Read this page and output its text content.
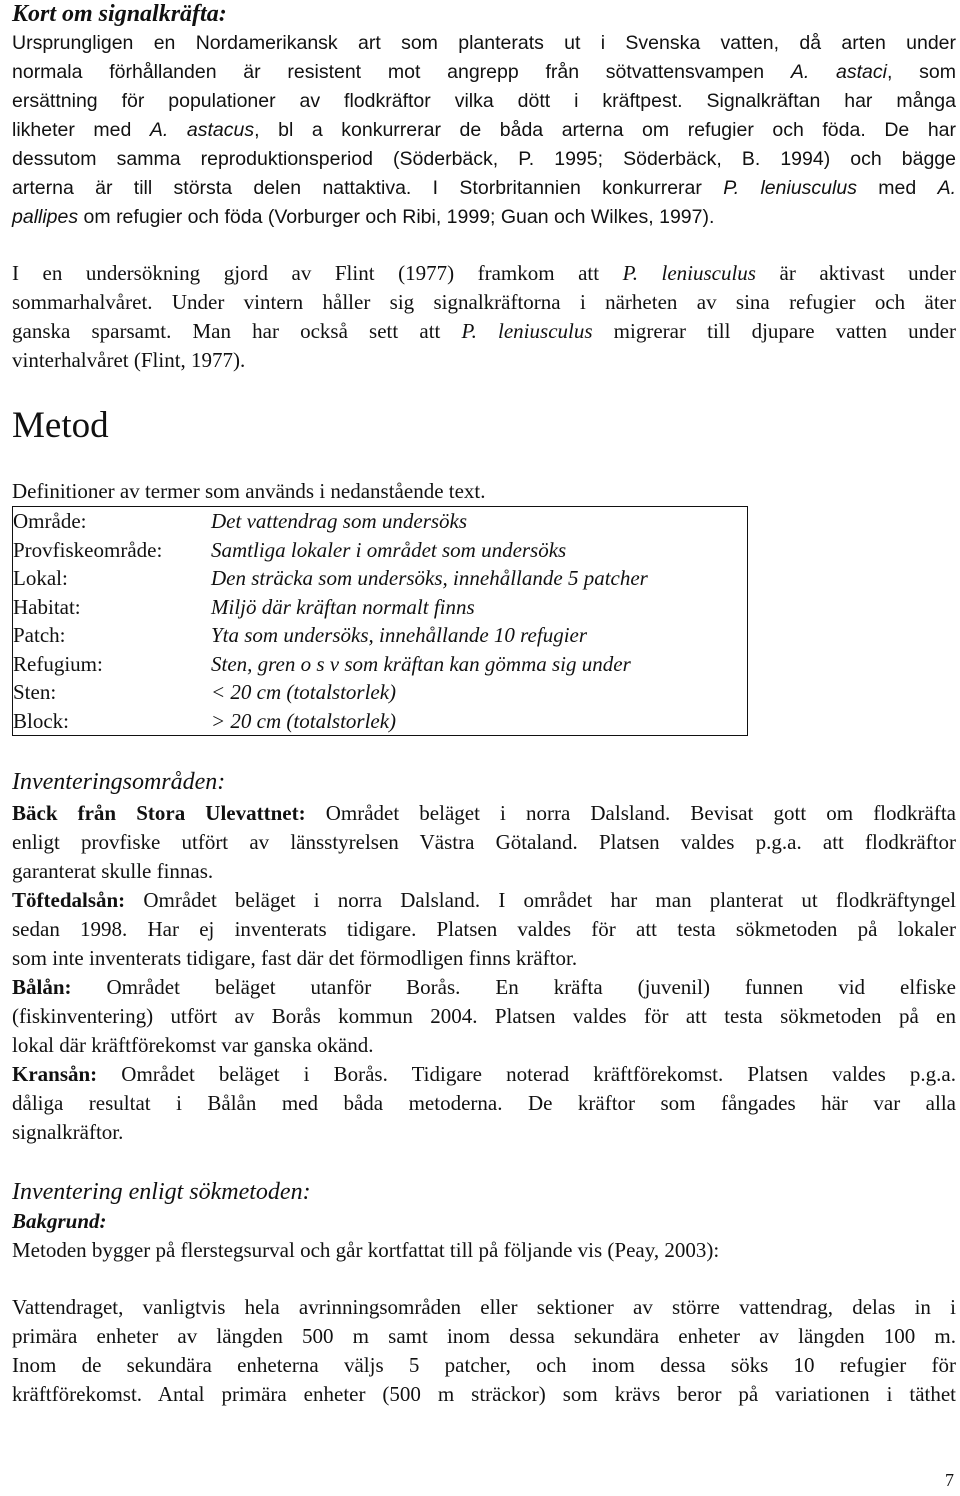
Kort om signalkräfta:
Ursprungligen en Nordamerikansk art som planterats ut i Svenska vatten, då arten under
normala förhållanden är resistent mot angrepp från sötvattensvampen A. astaci, som
ersättning för populationer av flodkräftor vilka dött i kräftpest. Signalkräftan har många
likheter med A. astacus, bl a konkurrerar de båda arterna om refugier och föda. De har
dessutom samma reproduktionsperiod (Söderbäck, P. 1995; Söderbäck, B. 1994) och bägge
arterna är till största delen nattaktiva. I Storbritannien konkurrerar P. leniusculus med A.
pallipes om refugier och föda (Vorburger och Ribi, 1999; Guan och Wilkes, 1997).
I en undersökning gjord av Flint (1977) framkom att P. leniusculus är aktivast under
sommarhalvåret. Under vintern håller sig signalkräftorna i närheten av sina refugier och äter
ganska sparsamt. Man har också sett att P. leniusculus migrerar till djupare vatten under
vinterhalvåret (Flint, 1977).
Metod
Definitioner av termer som används i nedanstående text.
Område:	Det vattendrag som undersöks
Provfiskeområde: Samtliga lokaler i området som undersöks
Lokal:	Den sträcka som undersöks, innehållande 5 patcher
Habitat:	Miljö där kräftan normalt finns
Patch:	Yta som undersöks, innehållande 10 refugier
Refugium:	Sten, gren o s v som kräftan kan gömma sig under
Sten:	< 20 cm (totalstorlek)
Block:	> 20 cm (totalstorlek)
Inventeringsområden:
Bäck från Stora Ulevattnet: Området beläget i norra Dalsland. Bevisat gott om flodkräfta
enligt provfiske utfört av länsstyrelsen Västra Götaland. Platsen valdes p.g.a. att flodkräftor
garanterat skulle finnas.
Töftedalsån: Området beläget i norra Dalsland. I området har man planterat ut flodkräftyngel
sedan 1998. Har ej inventerats tidigare. Platsen valdes för att testa sökmetoden på lokaler
som inte inventerats tidigare, fast där det förmodligen finns kräftor.
Bålån: Området beläget utanför Borås. En kräfta (juvenil) funnen vid elfiske
(fiskinventering) utfört av Borås kommun 2004. Platsen valdes för att testa sökmetoden på en
lokal där kräftförekomst var ganska okänd.
Kransån: Området beläget i Borås. Tidigare noterad kräftförekomst. Platsen valdes p.g.a.
dåliga resultat i Bålån med båda metoderna. De kräftor som fångades här var alla
signalkräftor.
Inventering enligt sökmetoden:
Bakgrund:
Metoden bygger på flerstegsurval och går kortfattat till på följande vis (Peay, 2003):
Vattendraget, vanligtvis hela avrinningsområden eller sektioner av större vattendrag, delas in i
primära enheter av längden 500 m samt inom dessa sekundära enheter av längden 100 m.
Inom de sekundära enheterna väljs 5 patcher, och inom dessa söks 10 refugier för
kräftförekomst. Antal primära enheter (500 m sträckor) som krävs beror på variationen i täthet
7
